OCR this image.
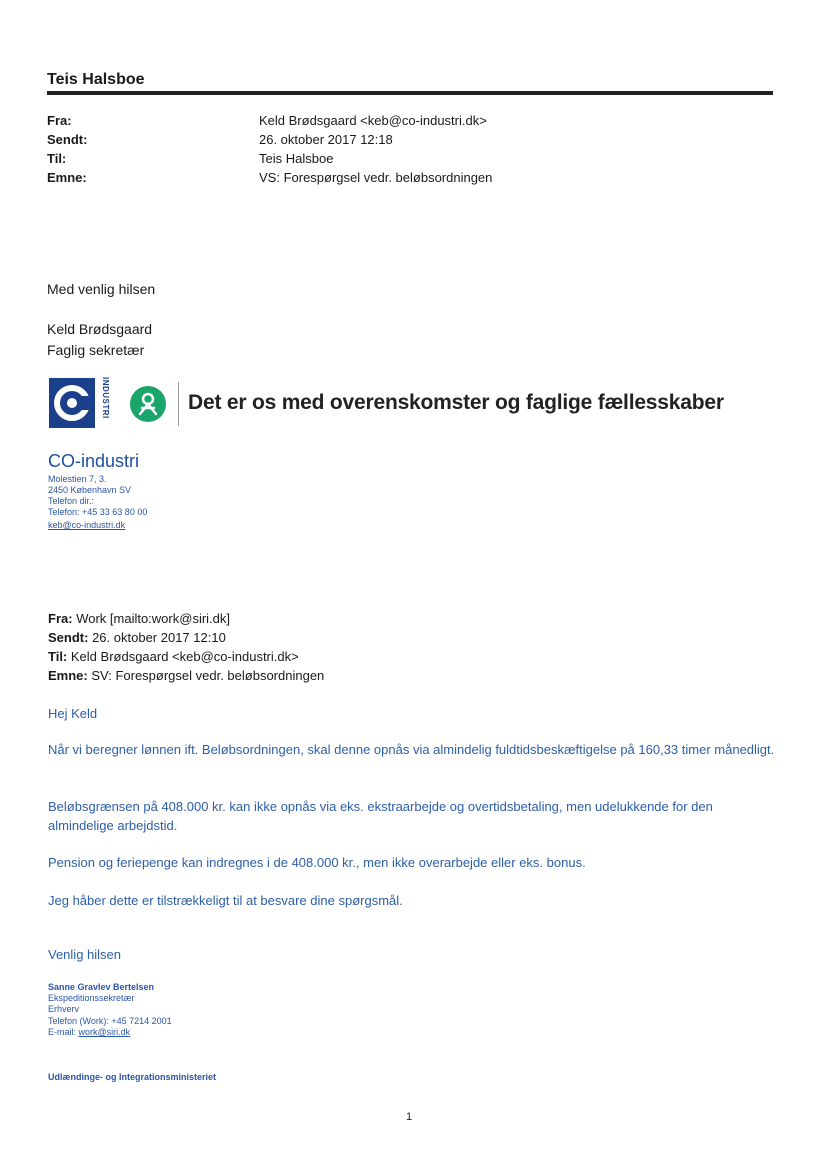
Teis Halsboe
Fra:	Keld Brødsgaard <keb@co-industri.dk>
Sendt:	26. oktober 2017 12:18
Til:	Teis Halsboe
Emne:	VS: Forespørgsel vedr. beløbsordningen
Med venlig hilsen
Keld Brødsgaard
Faglig sekretær
INDUSTRI	Det er os med overenskomster og faglige fællesskaber
CO-industri
Molestien 7, 3.
2450 København SV
Telefon dir.:
Telefon: +45 33 63 80 00
keb@co-industri.dk
Fra: Work [mailto:work@siri.dk]
Sendt: 26. oktober 2017 12:10
Til: Keld Brødsgaard <keb@co-industri.dk>
Emne: SV: Forespørgsel vedr. beløbsordningen
Hej Keld
Når vi beregner lønnen ift. Beløbsordningen, skal denne opnås via almindelig fuldtidsbeskæftigelse på 160,33 timer månedligt.
Beløbsgrænsen på 408.000 kr. kan ikke opnås via eks. ekstraarbejde og overtidsbetaling, men udelukkende for den almindelige arbejdstid.
Pension og feriepenge kan indregnes i de 408.000 kr., men ikke overarbejde eller eks. bonus.
Jeg håber dette er tilstrækkeligt til at besvare dine spørgsmål.
Venlig hilsen
Sanne Gravlev Bertelsen
Ekspeditionssekretær
Erhverv
Telefon (Work): +45 7214 2001
E-mail: work@siri.dk
Udlændinge- og Integrationsministeriet
1
